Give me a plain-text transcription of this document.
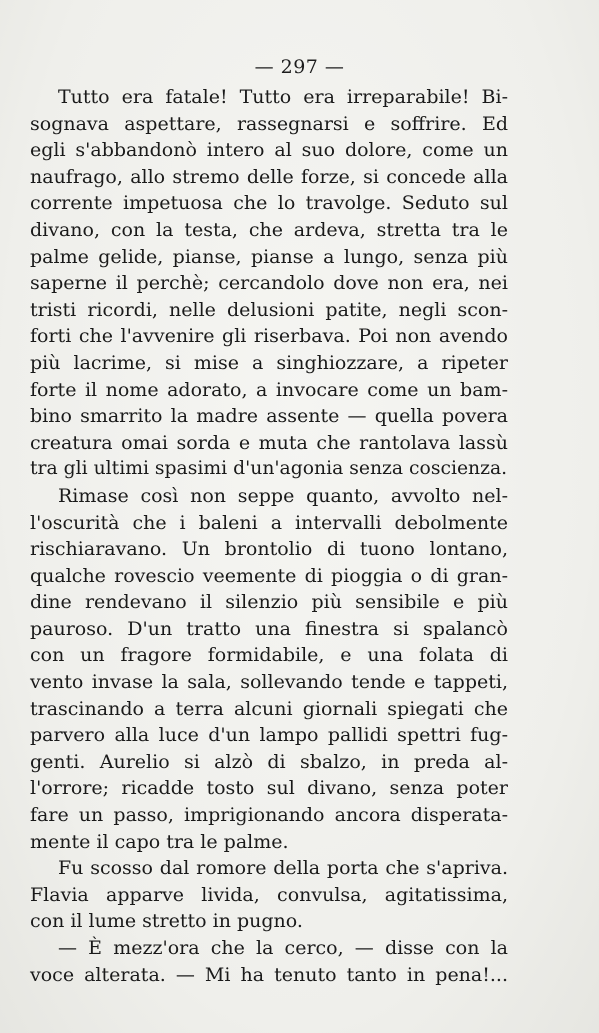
— 297 —
Tutto era fatale! Tutto era irreparabile! Bi-
sognava aspettare, rassegnarsi e soffrire. Ed
egli s'abbandonò intero al suo dolore, come un
naufrago, allo stremo delle forze, si concede alla
corrente impetuosa che lo travolge. Seduto sul
divano, con la testa, che ardeva, stretta tra le
palme gelide, pianse, pianse a lungo, senza più
saperne il perchè; cercandolo dove non era, nei
tristi ricordi, nelle delusioni patite, negli scon-
forti che l'avvenire gli riserbava. Poi non avendo
più lacrime, si mise a singhiozzare, a ripeter
forte il nome adorato, a invocare come un bam-
bino smarrito la madre assente — quella povera
creatura omai sorda e muta che rantolava lassù
tra gli ultimi spasimi d'un'agonia senza coscienza.
Rimase così non seppe quanto, avvolto nel-
l'oscurità che i baleni a intervalli debolmente
rischiaravano. Un brontolio di tuono lontano,
qualche rovescio veemente di pioggia o di gran-
dine rendevano il silenzio più sensibile e più
pauroso. D'un tratto una finestra si spalancò
con un fragore formidabile, e una folata di
vento invase la sala, sollevando tende e tappeti,
trascinando a terra alcuni giornali spiegati che
parvero alla luce d'un lampo pallidi spettri fug-
genti. Aurelio si alzò di sbalzo, in preda al-
l'orrore; ricadde tosto sul divano, senza poter
fare un passo, imprigionando ancora disperata-
mente il capo tra le palme.
Fu scosso dal romore della porta che s'apriva.
Flavia apparve livida, convulsa, agitatissima,
con il lume stretto in pugno.
— È mezz'ora che la cerco, — disse con la
voce alterata. — Mi ha tenuto tanto in pena!...
